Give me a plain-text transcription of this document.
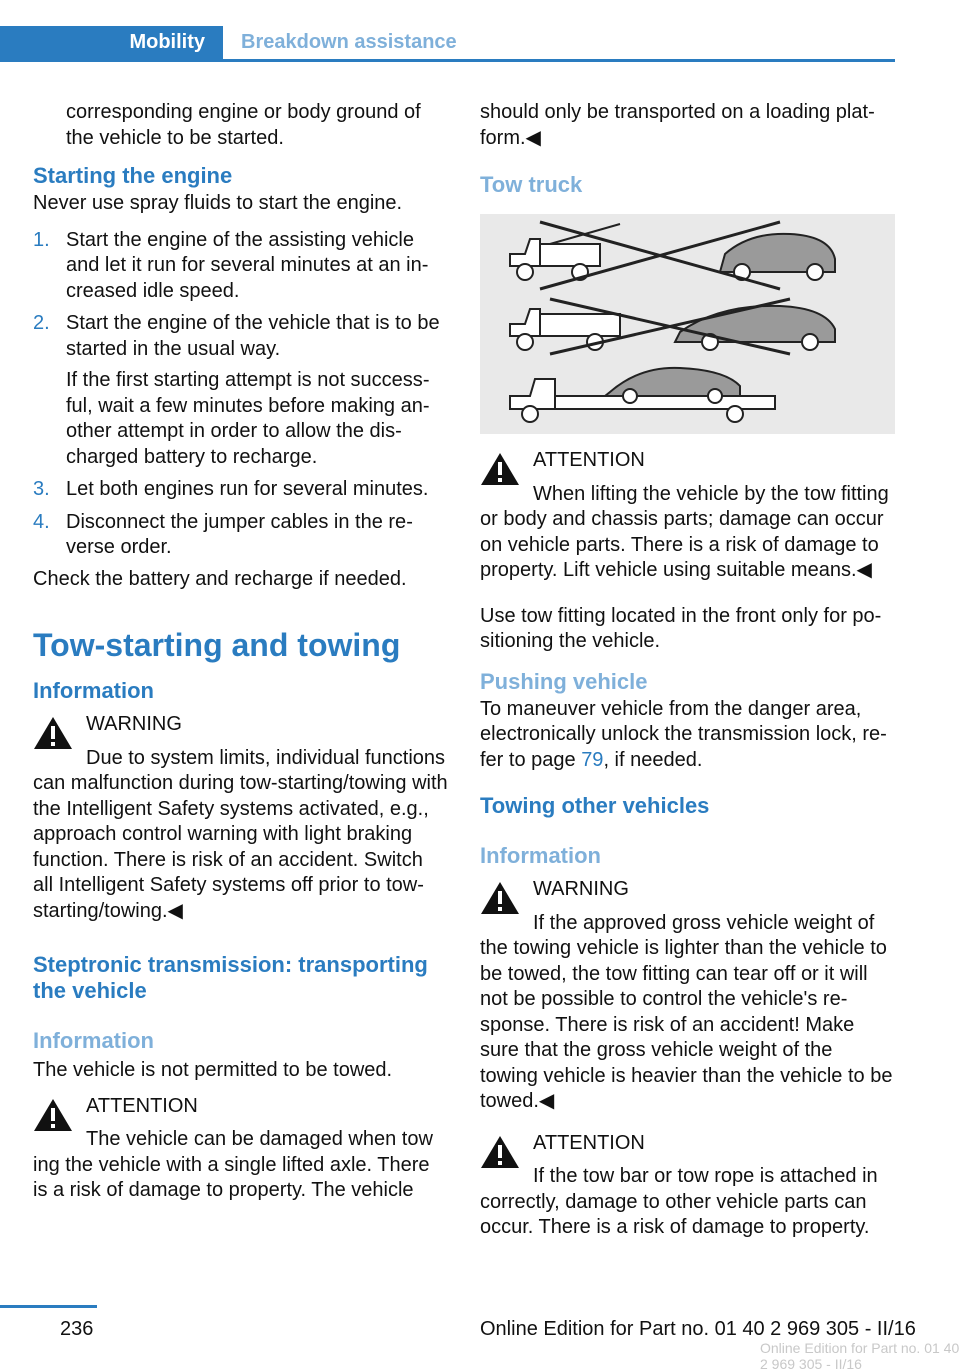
Mobility	Breakdown assistance

corresponding engine or body ground of the vehicle to be started.

Starting the engine

Never use spray fluids to start the engine.

1. Start the engine of the assisting vehicle and let it run for several minutes at an increased idle speed.
2. Start the engine of the vehicle that is to be started in the usual way.
If the first starting attempt is not successful, wait a few minutes before making another attempt in order to allow the discharged battery to recharge.
3. Let both engines run for several minutes.
4. Disconnect the jumper cables in the reverse order.

Check the battery and recharge if needed.

Tow-starting and towing
Information
WARNING
Due to system limits, individual functions
can malfunction during tow-starting/towing with the Intelligent Safety systems activated, e.g., approach control warning with light braking function. There is risk of an accident. Switch all Intelligent Safety systems off prior to tow-starting/towing.◀
Steptronic transmission: transporting the vehicle
Information

The vehicle is not permitted to be towed.

ATTENTION
The vehicle can be damaged when tow
ing the vehicle with a single lifted axle. There is a risk of damage to property. The vehicle

should only be transported on a loading platform.◀

Tow truck
ATTENTION
When lifting the vehicle by the tow fitting
or body and chassis parts; damage can occur on vehicle parts. There is a risk of damage to property. Lift vehicle using suitable means.◀

Use tow fitting located in the front only for positioning the vehicle.

Pushing vehicle

To maneuver vehicle from the danger area, electronically unlock the transmission lock, refer to page 79, if needed.

Towing other vehicles
Information
WARNING
If the approved gross vehicle weight of
the towing vehicle is lighter than the vehicle to be towed, the tow fitting can tear off or it will not be possible to control the vehicle's response. There is risk of an accident! Make sure that the gross vehicle weight of the towing vehicle is heavier than the vehicle to be towed.◀
ATTENTION
If the tow bar or tow rope is attached in
correctly, damage to other vehicle parts can occur. There is a risk of damage to property.
236	Online Edition for Part no. 01 40 2 969 305 - II/16
Online Edition for Part no. 01 40 2 969 305 - II/16
